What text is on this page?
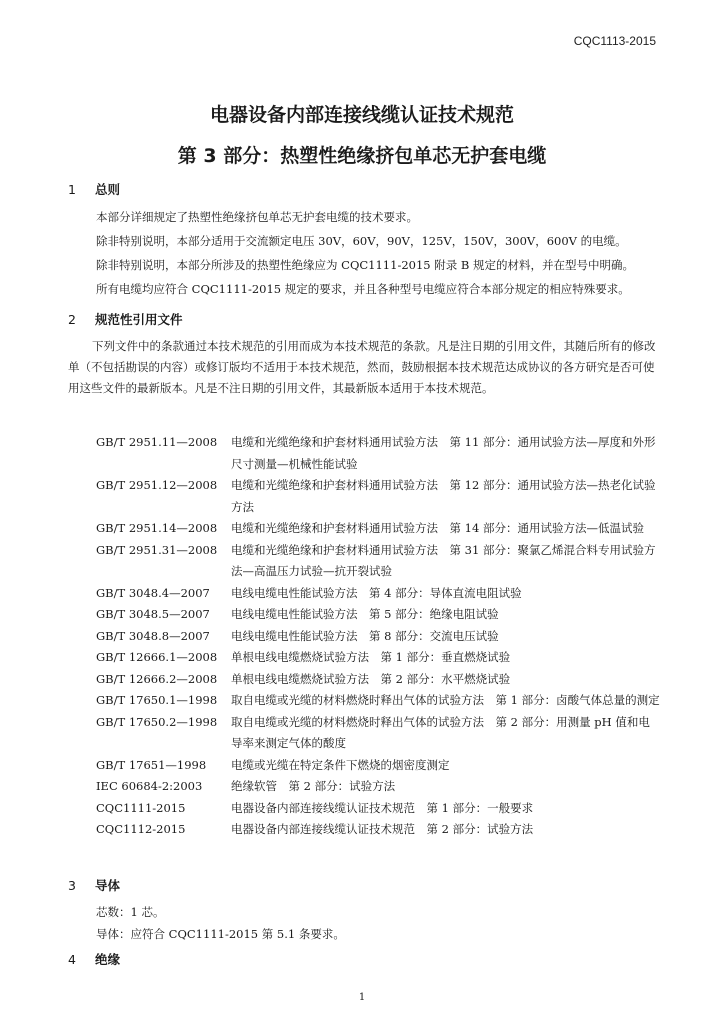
CQC1113-2015
电器设备内部连接线缆认证技术规范
第 3 部分：热塑性绝缘挤包单芯无护套电缆
1 总则
本部分详细规定了热塑性绝缘挤包单芯无护套电缆的技术要求。
除非特别说明，本部分适用于交流额定电压 30V，60V，90V，125V，150V，300V，600V 的电缆。
除非特别说明，本部分所涉及的热塑性绝缘应为 CQC1111-2015 附录 B 规定的材料，并在型号中明确。
所有电缆均应符合 CQC1111-2015 规定的要求，并且各种型号电缆应符合本部分规定的相应特殊要求。
2 规范性引用文件
下列文件中的条款通过本技术规范的引用而成为本技术规范的条款。凡是注日期的引用文件，其随后所有的修改单（不包括勘误的内容）或修订版均不适用于本技术规范，然而，鼓励根据本技术规范达成协议的各方研究是否可使用这些文件的最新版本。凡是不注日期的引用文件，其最新版本适用于本技术规范。
GB/T 2951.11—2008	电缆和光缆绝缘和护套材料通用试验方法　第 11 部分：通用试验方法—厚度和外形尺寸测量—机械性能试验
GB/T 2951.12—2008	电缆和光缆绝缘和护套材料通用试验方法　第 12 部分：通用试验方法—热老化试验方法
GB/T 2951.14—2008	电缆和光缆绝缘和护套材料通用试验方法　第 14 部分：通用试验方法—低温试验
GB/T 2951.31—2008	电缆和光缆绝缘和护套材料通用试验方法　第 31 部分：聚氯乙烯混合料专用试验方法—高温压力试验—抗开裂试验
GB/T 3048.4—2007	电线电缆电性能试验方法　第 4 部分：导体直流电阻试验
GB/T 3048.5—2007	电线电缆电性能试验方法　第 5 部分：绝缘电阻试验
GB/T 3048.8—2007	电线电缆电性能试验方法　第 8 部分：交流电压试验
GB/T 12666.1—2008	单根电线电缆燃烧试验方法　第 1 部分：垂直燃烧试验
GB/T 12666.2—2008	单根电线电缆燃烧试验方法　第 2 部分：水平燃烧试验
GB/T 17650.1—1998	取自电缆或光缆的材料燃烧时释出气体的试验方法　第 1 部分：卤酸气体总量的测定
GB/T 17650.2—1998	取自电缆或光缆的材料燃烧时释出气体的试验方法　第 2 部分：用测量 pH 值和电导率来测定气体的酸度
GB/T 17651—1998	电缆或光缆在特定条件下燃烧的烟密度测定
IEC 60684-2:2003	绝缘软管　第 2 部分：试验方法
CQC1111-2015	电器设备内部连接线缆认证技术规范　第 1 部分：一般要求
CQC1112-2015	电器设备内部连接线缆认证技术规范　第 2 部分：试验方法
3 导体
芯数：1 芯。
导体：应符合 CQC1111-2015 第 5.1 条要求。
4 绝缘
1
